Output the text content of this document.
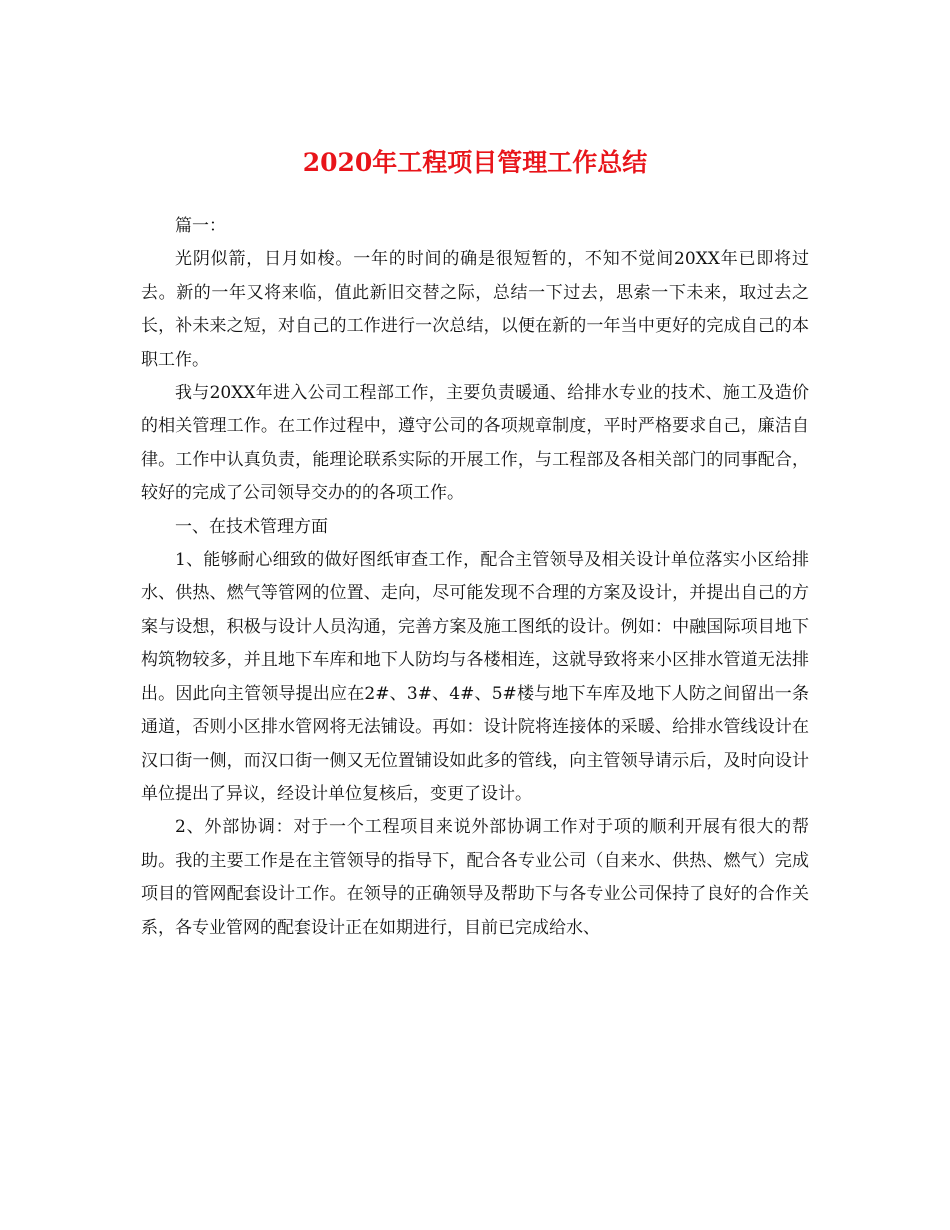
2020年工程项目管理工作总结

篇一：

光阴似箭，日月如梭。一年的时间的确是很短暂的，不知不觉间20XX年已即将过去。新的一年又将来临，值此新旧交替之际，总结一下过去，思索一下未来，取过去之长，补未来之短，对自己的工作进行一次总结，以便在新的一年当中更好的完成自己的本职工作。

我与20XX年进入公司工程部工作，主要负责暖通、给排水专业的技术、施工及造价的相关管理工作。在工作过程中，遵守公司的各项规章制度，平时严格要求自己，廉洁自律。工作中认真负责，能理论联系实际的开展工作，与工程部及各相关部门的同事配合，较好的完成了公司领导交办的的各项工作。

一、在技术管理方面

1、能够耐心细致的做好图纸审查工作，配合主管领导及相关设计单位落实小区给排水、供热、燃气等管网的位置、走向，尽可能发现不合理的方案及设计，并提出自己的方案与设想，积极与设计人员沟通，完善方案及施工图纸的设计。例如：中融国际项目地下构筑物较多，并且地下车库和地下人防均与各楼相连，这就导致将来小区排水管道无法排出。因此向主管领导提出应在2#、3#、4#、5#楼与地下车库及地下人防之间留出一条通道，否则小区排水管网将无法铺设。再如：设计院将连接体的采暖、给排水管线设计在汉口街一侧，而汉口街一侧又无位置铺设如此多的管线，向主管领导请示后，及时向设计单位提出了异议，经设计单位复核后，变更了设计。

2、外部协调：对于一个工程项目来说外部协调工作对于项的顺利开展有很大的帮助。我的主要工作是在主管领导的指导下，配合各专业公司（自来水、供热、燃气）完成项目的管网配套设计工作。在领导的正确领导及帮助下与各专业公司保持了良好的合作关系，各专业管网的配套设计正在如期进行，目前已完成给水、
